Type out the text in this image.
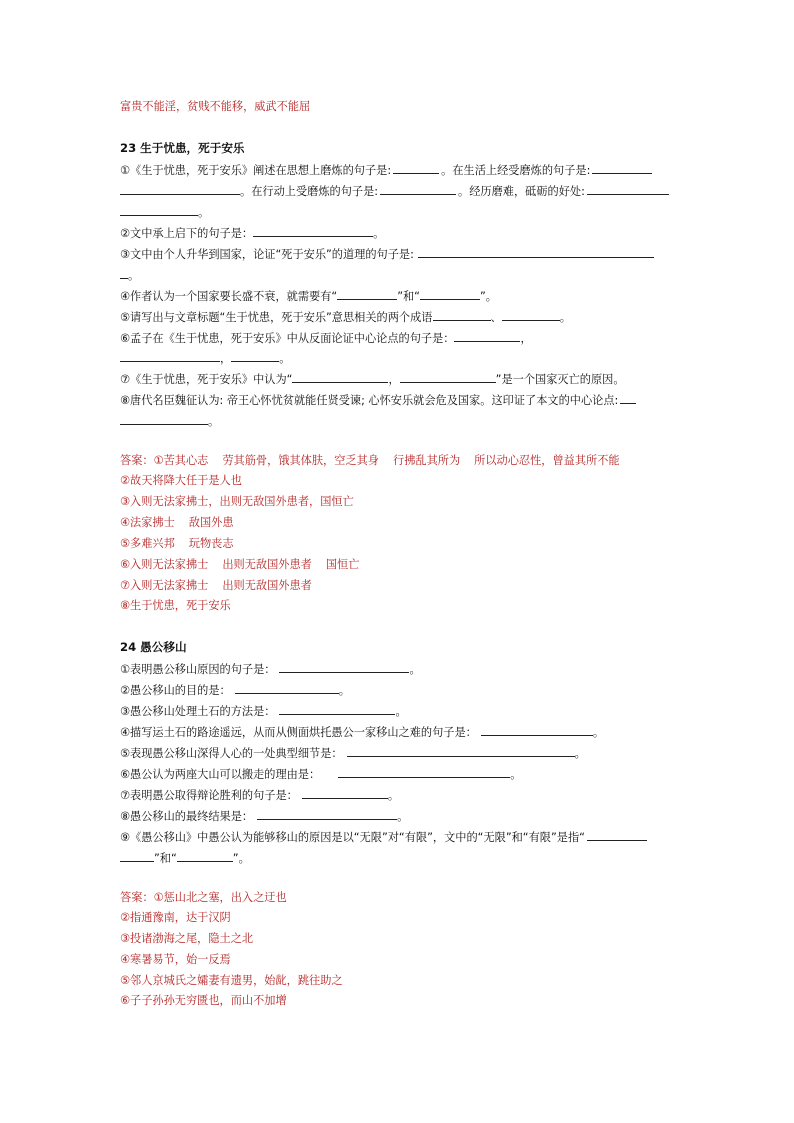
富贵不能淫，贫贱不能移，威武不能屈
23 生于忧患，死于安乐
①《生于忧患，死于安乐》阐述在思想上磨炼的句子是:	。在生活上经受磨炼的句子是:
。在行动上受磨炼的句子是:	。经历磨难，砥砺的好处:
。
②文中承上启下的句子是：	。
③文中由个人升华到国家，论证“死于安乐”的道理的句子是:
。
④作者认为一个国家要长盛不衰，就需要有“	”和“	”。
⑤请写出与文章标题“生于忧患，死于安乐”意思相关的两个成语	、	。
⑥孟子在《生于忧患，死于安乐》中从反面论证中心论点的句子是：	，
，	。
⑦《生于忧患，死于安乐》中认为“	，	”是一个国家灭亡的原因。
⑧唐代名臣魏征认为: 帝王心怀忧贫就能任贤受谏; 心怀安乐就会危及国家。这印证了本文的中心论点:
。
答案：①苦其心志 劳其筋骨，饿其体肤，空乏其身 行拂乱其所为 所以动心忍性，曾益其所不能
②故天将降大任于是人也
③入则无法家拂士，出则无敌国外患者，国恒亡
④法家拂士 敌国外患
⑤多难兴邦 玩物丧志
⑥入则无法家拂士 出则无敌国外患者 国恒亡
⑦入则无法家拂士 出则无敌国外患者
⑧生于忧患，死于安乐
24 愚公移山
①表明愚公移山原因的句子是：	。
②愚公移山的目的是：	。
③愚公移山处理土石的方法是：	。
④描写运土石的路途遥远，从而从侧面烘托愚公一家移山之难的句子是：	。
⑤表现愚公移山深得人心的一处典型细节是：	。
⑥愚公认为两座大山可以搬走的理由是：	。
⑦表明愚公取得辩论胜利的句子是：	。
⑧愚公移山的最终结果是：	。
⑨《愚公移山》中愚公认为能够移山的原因是以“无限”对“有限”，文中的“无限”和“有限”是指“
”和“	”。
答案：①惩山北之塞，出入之迂也
②指通豫南，达于汉阴
③投诸渤海之尾，隐土之北
④寒暑易节，始一反焉
⑤邻人京城氏之孀妻有遗男，始龀，跳往助之
⑥子子孙孙无穷匮也，而山不加增
